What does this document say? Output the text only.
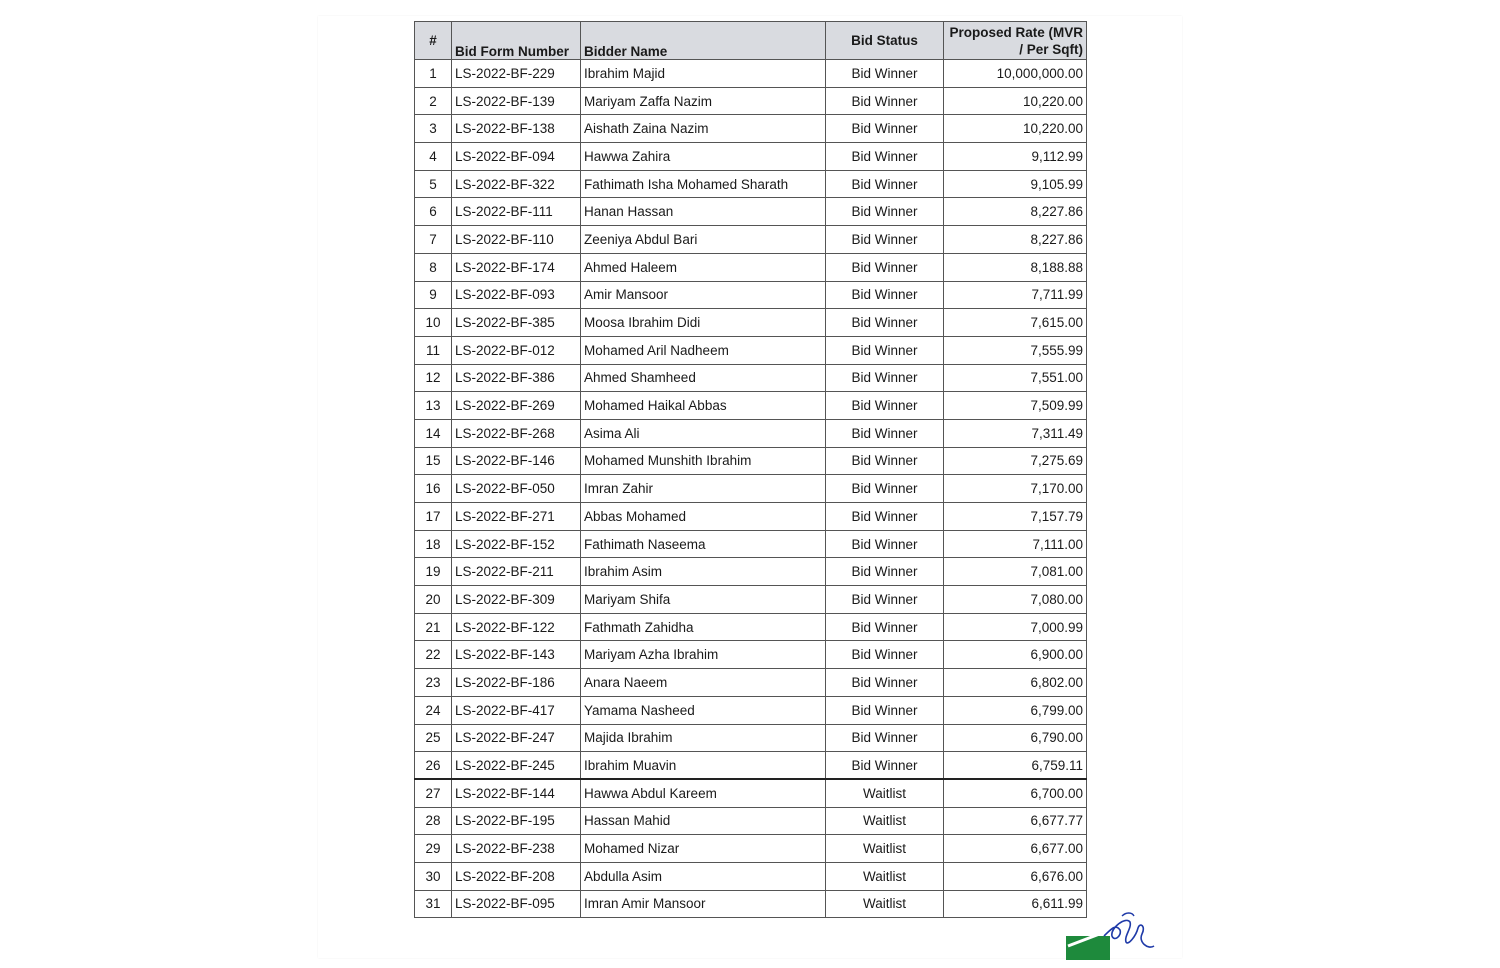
#	Bid Form Number	Bidder Name	Bid Status	Proposed Rate (MVR
/ Per Sqft)
1	LS-2022-BF-229	Ibrahim Majid	Bid Winner	10,000,000.00
2	LS-2022-BF-139	Mariyam Zaffa Nazim	Bid Winner	10,220.00
3	LS-2022-BF-138	Aishath Zaina Nazim	Bid Winner	10,220.00
4	LS-2022-BF-094	Hawwa Zahira	Bid Winner	9,112.99
5	LS-2022-BF-322	Fathimath Isha Mohamed Sharath	Bid Winner	9,105.99
6	LS-2022-BF-111	Hanan Hassan	Bid Winner	8,227.86
7	LS-2022-BF-110	Zeeniya Abdul Bari	Bid Winner	8,227.86
8	LS-2022-BF-174	Ahmed Haleem	Bid Winner	8,188.88
9	LS-2022-BF-093	Amir Mansoor	Bid Winner	7,711.99
10	LS-2022-BF-385	Moosa Ibrahim Didi	Bid Winner	7,615.00
11	LS-2022-BF-012	Mohamed Aril Nadheem	Bid Winner	7,555.99
12	LS-2022-BF-386	Ahmed Shamheed	Bid Winner	7,551.00
13	LS-2022-BF-269	Mohamed Haikal Abbas	Bid Winner	7,509.99
14	LS-2022-BF-268	Asima Ali	Bid Winner	7,311.49
15	LS-2022-BF-146	Mohamed Munshith Ibrahim	Bid Winner	7,275.69
16	LS-2022-BF-050	Imran Zahir	Bid Winner	7,170.00
17	LS-2022-BF-271	Abbas Mohamed	Bid Winner	7,157.79
18	LS-2022-BF-152	Fathimath Naseema	Bid Winner	7,111.00
19	LS-2022-BF-211	Ibrahim Asim	Bid Winner	7,081.00
20	LS-2022-BF-309	Mariyam Shifa	Bid Winner	7,080.00
21	LS-2022-BF-122	Fathmath Zahidha	Bid Winner	7,000.99
22	LS-2022-BF-143	Mariyam Azha Ibrahim	Bid Winner	6,900.00
23	LS-2022-BF-186	Anara Naeem	Bid Winner	6,802.00
24	LS-2022-BF-417	Yamama Nasheed	Bid Winner	6,799.00
25	LS-2022-BF-247	Majida Ibrahim	Bid Winner	6,790.00
26	LS-2022-BF-245	Ibrahim Muavin	Bid Winner	6,759.11
27	LS-2022-BF-144	Hawwa Abdul Kareem	Waitlist	6,700.00
28	LS-2022-BF-195	Hassan Mahid	Waitlist	6,677.77
29	LS-2022-BF-238	Mohamed Nizar	Waitlist	6,677.00
30	LS-2022-BF-208	Abdulla Asim	Waitlist	6,676.00
31	LS-2022-BF-095	Imran Amir Mansoor	Waitlist	6,611.99
